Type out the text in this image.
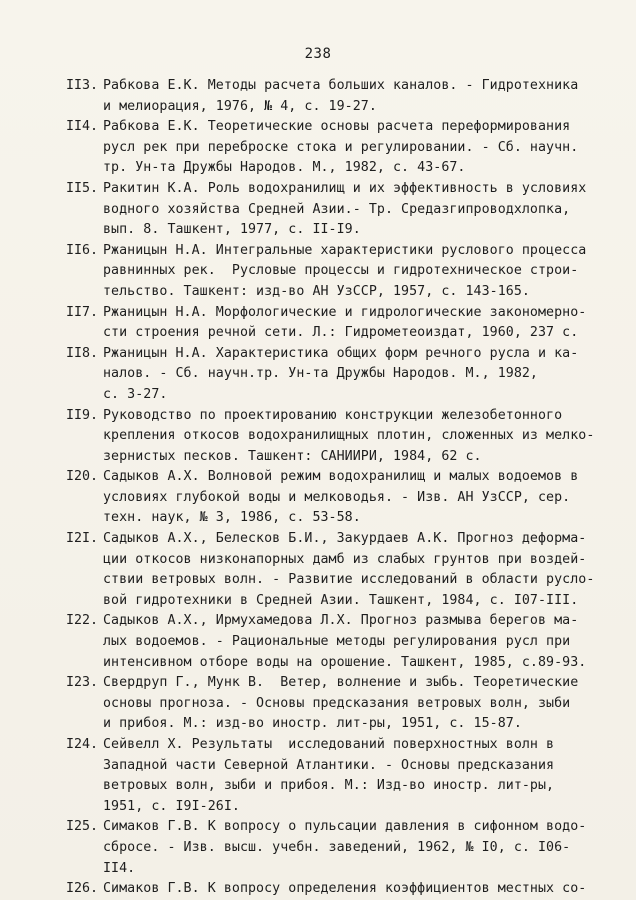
238
II3. Рабкова Е.К. Методы расчета больших каналов. - Гидротехника
и мелиорация, 1976, № 4, с. 19-27.
II4. Рабкова Е.К. Теоретические основы расчета переформирования
русл рек при переброске стока и регулировании. - Сб. научн.
тр. Ун-та Дружбы Народов. М., 1982, с. 43-67.
II5. Ракитин К.А. Роль водохранилищ и их эффективность в условиях
водного хозяйства Средней Азии.- Тр. Средазгипроводхлопка,
вып. 8. Ташкент, 1977, с. II-I9.
II6. Ржаницын Н.А. Интегральные характеристики руслового процесса
равнинных рек.  Русловые процессы и гидротехническое строи-
тельство. Ташкент: изд-во АН УзССР, 1957, с. 143-165.
II7. Ржаницын Н.А. Морфологические и гидрологические закономерно-
сти строения речной сети. Л.: Гидрометеоиздат, 1960, 237 с.
II8. Ржаницын Н.А. Характеристика общих форм речного русла и ка-
налов. - Сб. научн.тр. Ун-та Дружбы Народов. М., 1982,
с. 3-27.
II9. Руководство по проектированию конструкции железобетонного
крепления откосов водохранилищных плотин, сложенных из мелко-
зернистых песков. Ташкент: САНИИРИ, 1984, 62 с.
I20. Садыков А.Х. Волновой режим водохранилищ и малых водоемов в
условиях глубокой воды и мелководья. - Изв. АН УзССР, сер.
техн. наук, № 3, 1986, с. 53-58.
I2I. Садыков А.Х., Белесков Б.И., Закурдаев А.К. Прогноз деформа-
ции откосов низконапорных дамб из слабых грунтов при воздей-
ствии ветровых волн. - Развитие исследований в области руслo-
вой гидротехники в Средней Азии. Ташкент, 1984, с. I07-III.
I22. Садыков А.Х., Ирмухамедова Л.Х. Прогноз размыва берегов ма-
лых водоемов. - Рациональные методы регулирования русл при
интенсивном отборе воды на орошение. Ташкент, 1985, с.89-93.
I23. Свердруп Г., Мунк В.  Ветер, волнение и зыбь. Теоретические
основы прогноза. - Основы предсказания ветровых волн, зыби
и прибоя. М.: изд-во иностр. лит-ры, 1951, с. 15-87.
I24. Сейвелл Х. Результаты  исследований поверхностных волн в
Западной части Северной Атлантики. - Основы предсказания
ветровых волн, зыби и прибоя. М.: Изд-во иностр. лит-ры,
1951, с. I9I-26I.
I25. Симаков Г.В. К вопросу о пульсации давления в сифонном водо-
сбросе. - Изв. высш. учебн. заведений, 1962, № I0, с. I06-
II4.
I26. Симаков Г.В. К вопросу определения коэффициентов местных со-
